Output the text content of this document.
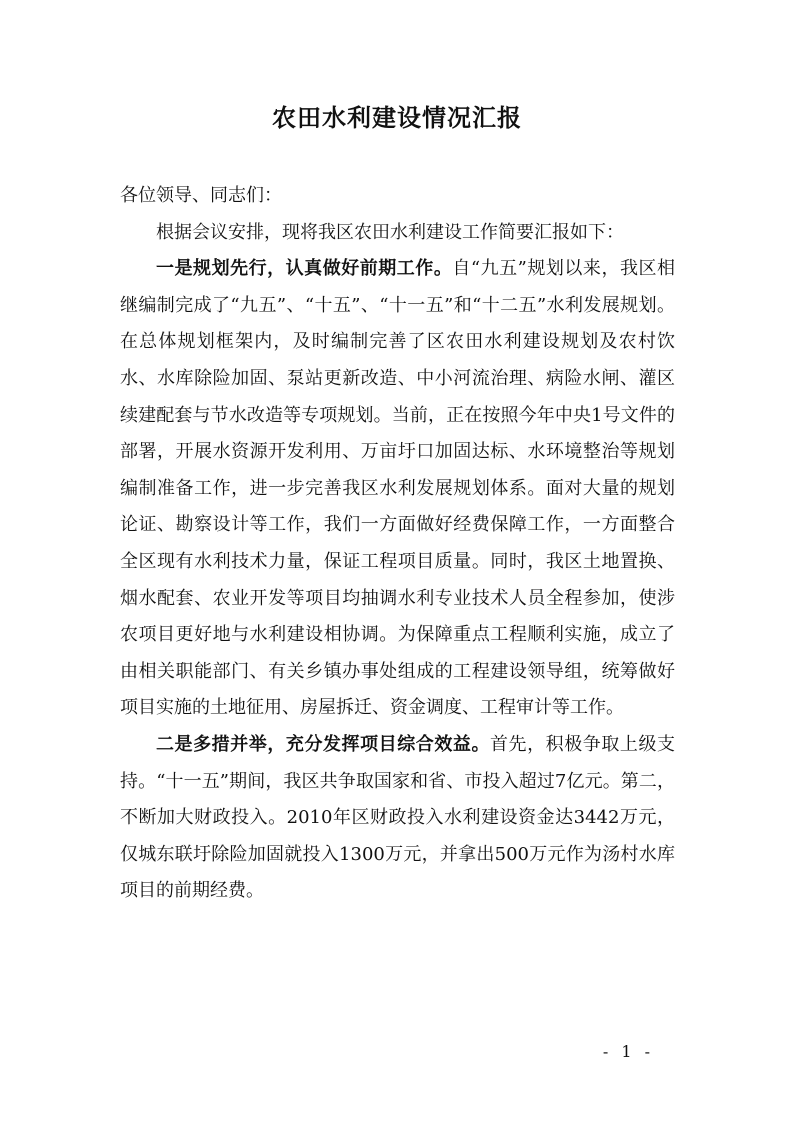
农田水利建设情况汇报

各位领导、同志们：

根据会议安排，现将我区农田水利建设工作简要汇报如下：

一是规划先行，认真做好前期工作。自“九五”规划以来，我区相继编制完成了“九五”、“十五”、“十一五”和“十二五”水利发展规划。在总体规划框架内，及时编制完善了区农田水利建设规划及农村饮水、水库除险加固、泵站更新改造、中小河流治理、病险水闸、灌区续建配套与节水改造等专项规划。当前，正在按照今年中央1号文件的部署，开展水资源开发利用、万亩圩口加固达标、水环境整治等规划编制准备工作，进一步完善我区水利发展规划体系。面对大量的规划论证、勘察设计等工作，我们一方面做好经费保障工作，一方面整合全区现有水利技术力量，保证工程项目质量。同时，我区土地置换、烟水配套、农业开发等项目均抽调水利专业技术人员全程参加，使涉农项目更好地与水利建设相协调。为保障重点工程顺利实施，成立了由相关职能部门、有关乡镇办事处组成的工程建设领导组，统筹做好项目实施的土地征用、房屋拆迁、资金调度、工程审计等工作。

二是多措并举，充分发挥项目综合效益。首先，积极争取上级支持。“十一五”期间，我区共争取国家和省、市投入超过7亿元。第二，不断加大财政投入。2010年区财政投入水利建设资金达3442万元，仅城东联圩除险加固就投入1300万元，并拿出500万元作为汤村水库项目的前期经费。

- 1 -
